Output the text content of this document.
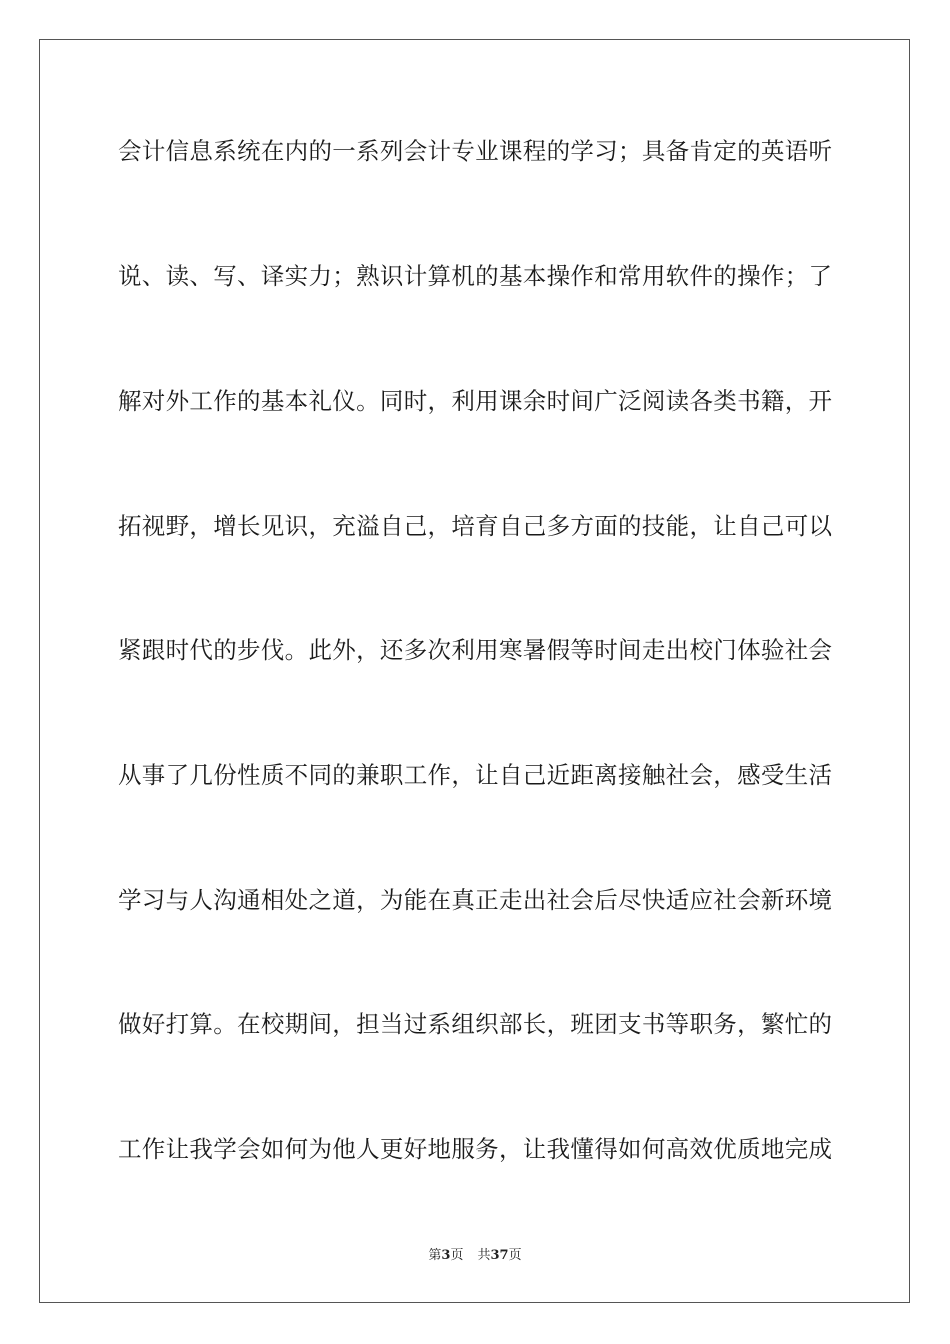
会计信息系统在内的一系列会计专业课程的学习；具备肯定的英语听
说、读、写、译实力；熟识计算机的基本操作和常用软件的操作；了
解对外工作的基本礼仪。同时，利用课余时间广泛阅读各类书籍，开
拓视野，增长见识，充溢自己，培育自己多方面的技能，让自己可以
紧跟时代的步伐。此外，还多次利用寒暑假等时间走出校门体验社会
从事了几份性质不同的兼职工作，让自己近距离接触社会，感受生活
学习与人沟通相处之道，为能在真正走出社会后尽快适应社会新环境
做好打算。在校期间，担当过系组织部长，班团支书等职务，繁忙的
工作让我学会如何为他人更好地服务，让我懂得如何高效优质地完成
第3页 共37页
